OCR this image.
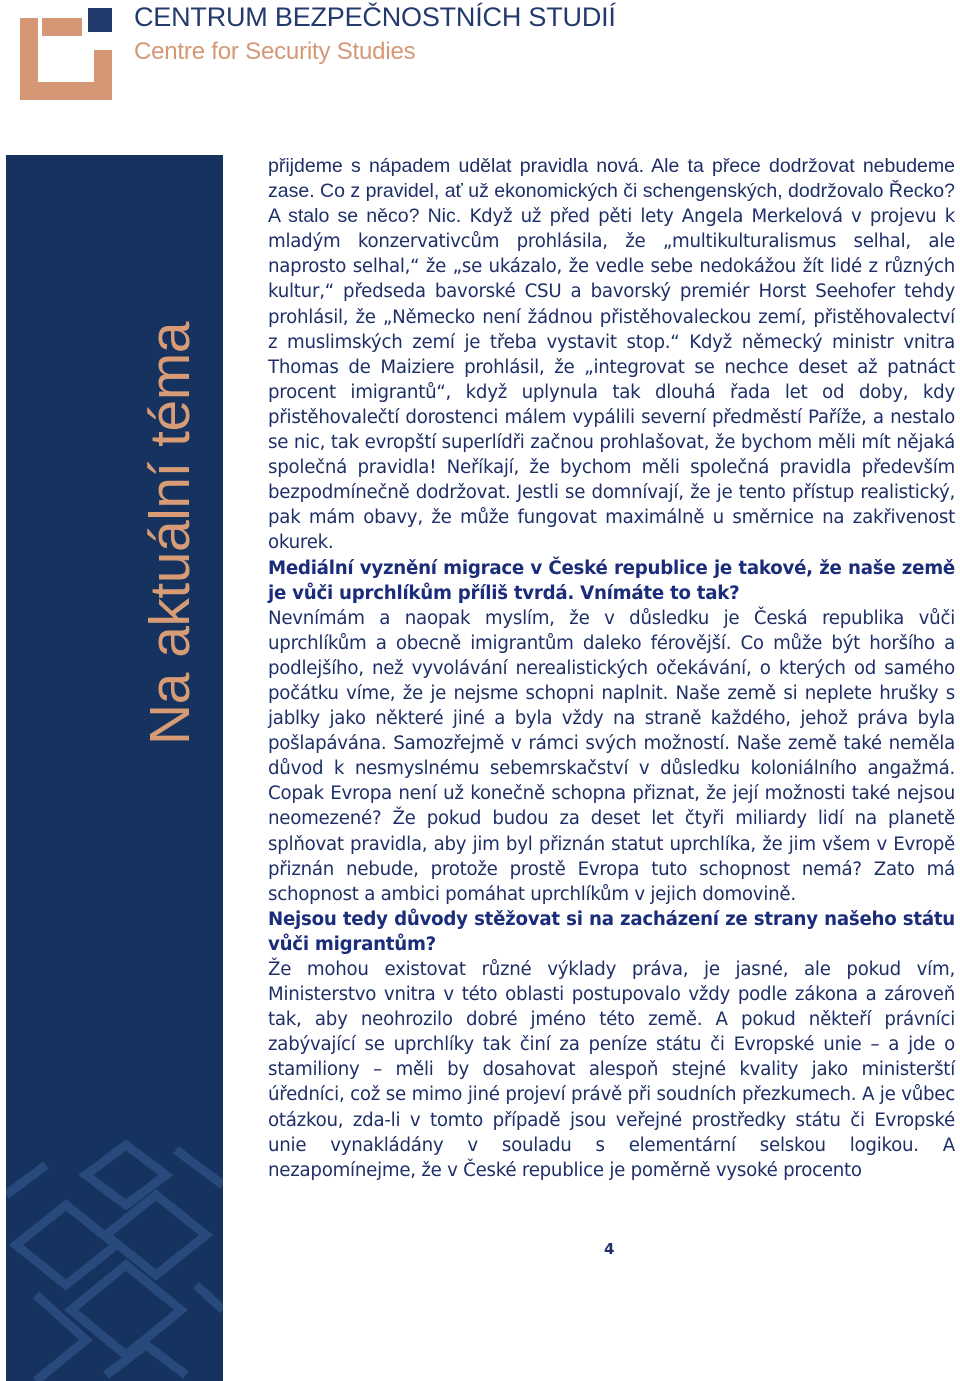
CENTRUM BEZPEČNOSTNÍCH STUDIÍ
Centre for Security Studies
Na aktuální téma

přijdeme s nápadem udělat pravidla nová. Ale ta přece dodržovat nebudeme zase. Co z pravidel, ať už ekonomických či schengenských, dodržovalo Řecko? A stalo se něco? Nic. Když už před pěti lety Angela Merkelová v projevu k mladým konzervativcům prohlásila, že „multikulturalismus selhal, ale naprosto selhal,“ že „se ukázalo, že vedle sebe nedokážou žít lidé z různých kultur,“ předseda bavorské CSU a bavorský premiér Horst Seehofer tehdy prohlásil, že „Německo není žádnou přistěhovaleckou zemí, přistěhovalectví z muslimských zemí je třeba vystavit stop.“ Když německý ministr vnitra Thomas de Maiziere prohlásil, že „integrovat se nechce deset až patnáct procent imigrantů“, když uplynula tak dlouhá řada let od doby, kdy přistěhovalečtí dorostenci málem vypálili severní předměstí Paříže, a nestalo se nic, tak evropští superlídři začnou prohlašovat, že bychom měli mít nějaká společná pravidla! Neříkají, že bychom měli společná pravidla především bezpodmínečně dodržovat. Jestli se domnívají, že je tento přístup realistický, pak mám obavy, že může fungovat maximálně u směrnice na zakřivenost okurek.

Mediální vyznění migrace v České republice je takové, že naše země je vůči uprchlíkům příliš tvrdá. Vnímáte to tak?

Nevnímám a naopak myslím, že v důsledku je Česká republika vůči uprchlíkům a obecně imigrantům daleko férovější. Co může být horšího a podlejšího, než vyvolávání nerealistických očekávání, o kterých od samého počátku víme, že je nejsme schopni naplnit. Naše země si neplete hrušky s jablky jako některé jiné a byla vždy na straně každého, jehož práva byla pošlapávána. Samozřejmě v rámci svých možností. Naše země také neměla důvod k nesmyslnému sebemrskačství v důsledku koloniálního angažmá. Copak Evropa není už konečně schopna přiznat, že její možnosti také nejsou neomezené? Že pokud budou za deset let čtyři miliardy lidí na planetě splňovat pravidla, aby jim byl přiznán statut uprchlíka, že jim všem v Evropě přiznán nebude, protože prostě Evropa tuto schopnost nemá? Zato má schopnost a ambici pomáhat uprchlíkům v jejich domovině.

Nejsou tedy důvody stěžovat si na zacházení ze strany našeho státu vůči migrantům?

Že mohou existovat různé výklady práva, je jasné, ale pokud vím, Ministerstvo vnitra v této oblasti postupovalo vždy podle zákona a zároveň tak, aby neohrozilo dobré jméno této země. A pokud někteří právníci zabývající se uprchlíky tak činí za peníze státu či Evropské unie – a jde o stamiliony – měli by dosahovat alespoň stejné kvality jako ministerští úředníci, což se mimo jiné projeví právě při soudních přezkumech. A je vůbec otázkou, zda-li v tomto případě jsou veřejné prostředky státu či Evropské unie vynakládány v souladu s elementární selskou logikou. A nezapomínejme, že v České republice je poměrně vysoké procento

4
